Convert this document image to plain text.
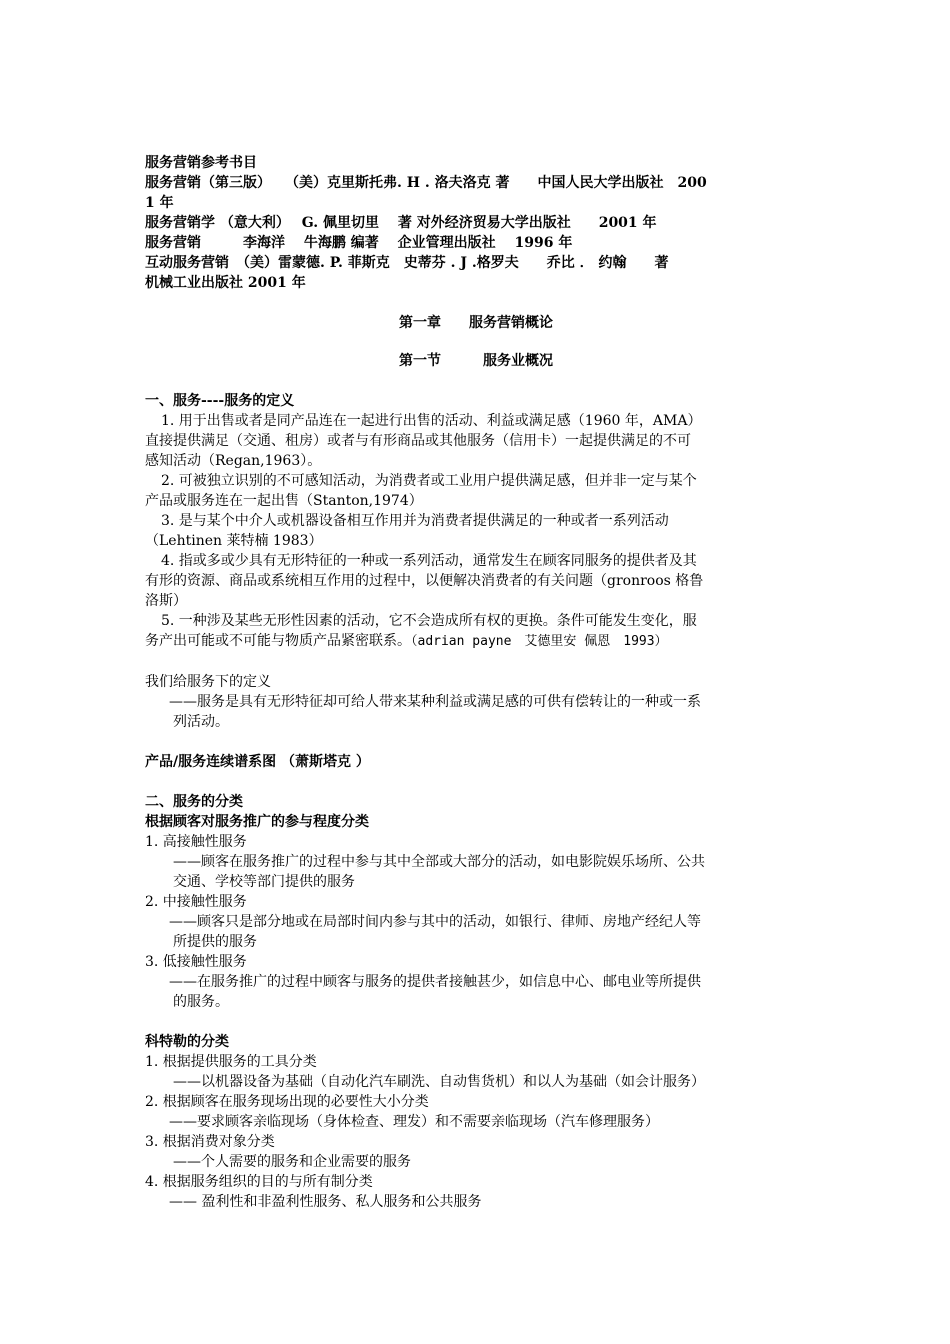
服务营销参考书目
服务营销（第三版）　　（美）克里斯托弗. H . 洛夫洛克 著　　中国人民大学出版社　200
1 年
服务营销学 （意大利）　 G. 佩里切里　 著 对外经济贸易大学出版社　　2001 年
服务营销　　　李海洋　 牛海鹏 编著　 企业管理出版社　 1996 年
互动服务营销　（美）雷蒙德. P. 菲斯克　史蒂芬 . J .格罗夫　　乔比 ． 约翰　　著
机械工业出版社 2001 年
第一章　　服务营销概论
第一节　　　服务业概况
一、服务----服务的定义
1. 用于出售或者是同产品连在一起进行出售的活动、利益或满足感（1960 年，AMA）
直接提供满足（交通、租房）或者与有形商品或其他服务（信用卡）一起提供满足的不可
感知活动（Regan,1963）。
2. 可被独立识别的不可感知活动，为消费者或工业用户提供满足感，但并非一定与某个
产品或服务连在一起出售（Stanton,1974）
3. 是与某个中介人或机器设备相互作用并为消费者提供满足的一种或者一系列活动
（Lehtinen 莱特楠 1983）
4. 指或多或少具有无形特征的一种或一系列活动，通常发生在顾客同服务的提供者及其
有形的资源、商品或系统相互作用的过程中，以便解决消费者的有关问题（gronroos 格鲁
洛斯）
5. 一种涉及某些无形性因素的活动，它不会造成所有权的更换。条件可能发生变化，服
务产出可能或不可能与物质产品紧密联系。（adrian payne　艾德里安 佩恩　1993）
我们给服务下的定义
——服务是具有无形特征却可给人带来某种利益或满足感的可供有偿转让的一种或一系
列活动。
产品/服务连续谱系图 （萧斯塔克 ）
二、服务的分类
根据顾客对服务推广的参与程度分类
1. 高接触性服务
——顾客在服务推广的过程中参与其中全部或大部分的活动，如电影院娱乐场所、公共
交通、学校等部门提供的服务
2. 中接触性服务
——顾客只是部分地或在局部时间内参与其中的活动，如银行、律师、房地产经纪人等
所提供的服务
3. 低接触性服务
——在服务推广的过程中顾客与服务的提供者接触甚少，如信息中心、邮电业等所提供
的服务。
科特勒的分类
1. 根据提供服务的工具分类
——以机器设备为基础（自动化汽车刷洗、自动售货机）和以人为基础（如会计服务）
2. 根据顾客在服务现场出现的必要性大小分类
——要求顾客亲临现场（身体检查、理发）和不需要亲临现场（汽车修理服务）
3. 根据消费对象分类
——个人需要的服务和企业需要的服务
4. 根据服务组织的目的与所有制分类
—— 盈利性和非盈利性服务、私人服务和公共服务
